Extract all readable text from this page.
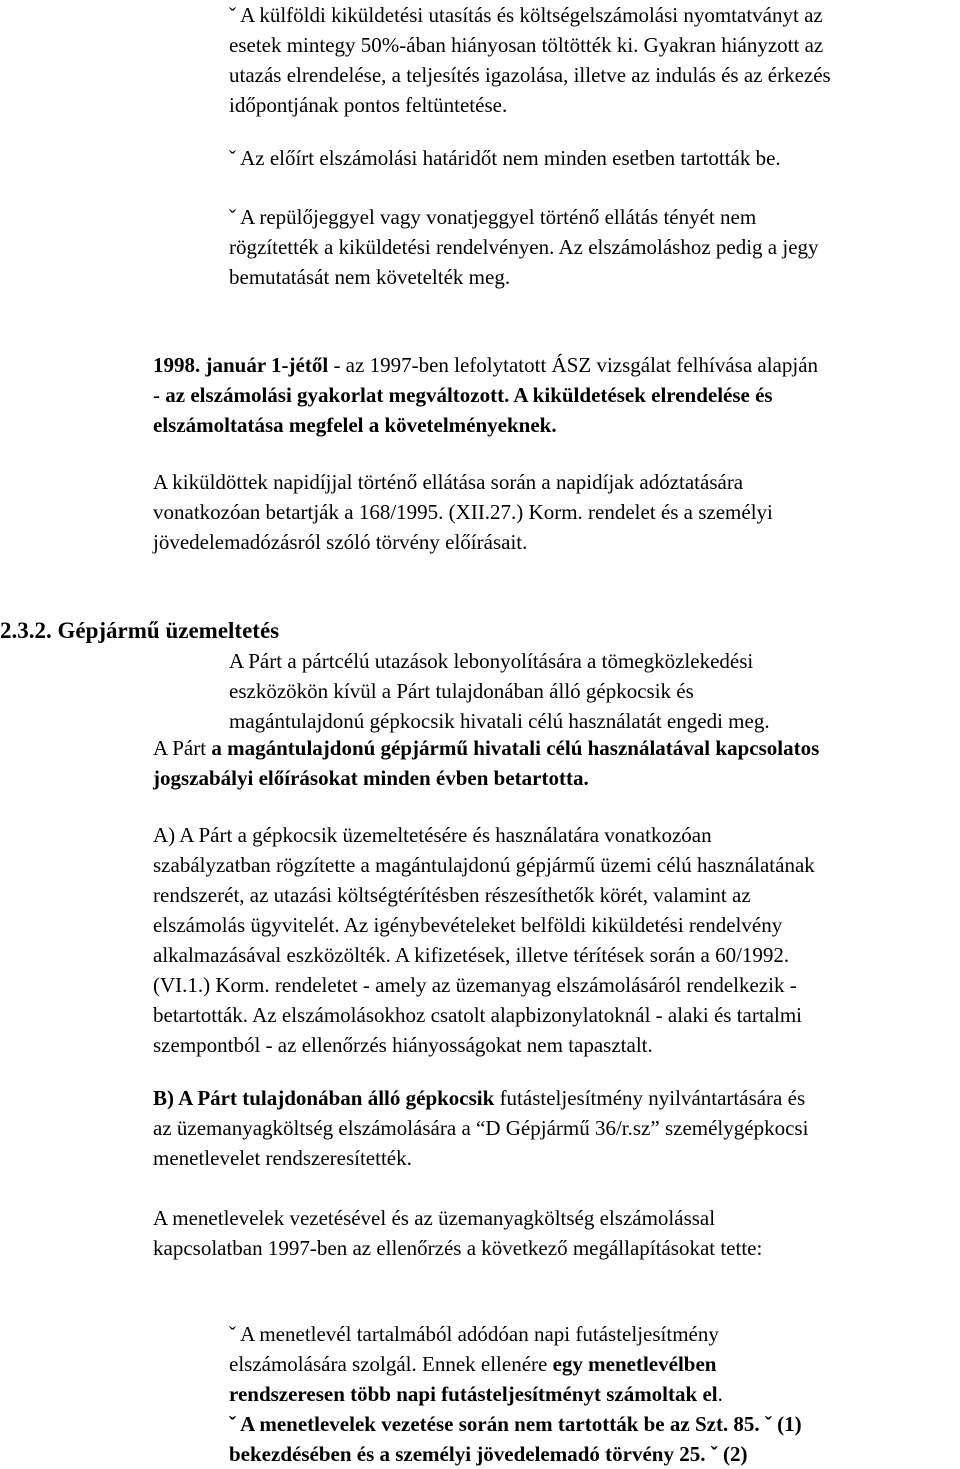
ˇ A külföldi kiküldetési utasítás és költségelszámolási nyomtatványt az
esetek mintegy 50%-ában hiányosan töltötték ki. Gyakran hiányzott az
utazás elrendelése, a teljesítés igazolása, illetve az indulás és az érkezés
időpontjának pontos feltüntetése.
ˇ Az előírt elszámolási határidőt nem minden esetben tartották be.
ˇ A repülőjeggyel vagy vonatjeggyel történő ellátás tényét nem
rögzítették a kiküldetési rendelvényen. Az elszámoláshoz pedig a jegy
bemutatását nem követelték meg.
1998. január 1-jétől - az 1997-ben lefolytatott ÁSZ vizsgálat felhívása alapján
- az elszámolási gyakorlat megváltozott. A kiküldetések elrendelése és
elszámoltatása megfelel a követelményeknek.
A kiküldöttek napidíjjal történő ellátása során a napidíjak adóztatására
vonatkozóan betartják a 168/1995. (XII.27.) Korm. rendelet és a személyi
jövedelemadózásról szóló törvény előírásait.
2.3.2. Gépjármű üzemeltetés
A Párt a pártcélú utazások lebonyolítására a tömegközlekedési
eszközökön kívül a Párt tulajdonában álló gépkocsik és
magántulajdonú gépkocsik hivatali célú használatát engedi meg.
A Párt a magántulajdonú gépjármű hivatali célú használatával kapcsolatos
jogszabályi előírásokat minden évben betartotta.
A) A Párt a gépkocsik üzemeltetésére és használatára vonatkozóan
szabályzatban rögzítette a magántulajdonú gépjármű üzemi célú használatának
rendszerét, az utazási költségtérítésben részesíthetők körét, valamint az
elszámolás ügyvitelét. Az igénybevételeket belföldi kiküldetési rendelvény
alkalmazásával eszközölték. A kifizetések, illetve térítések során a 60/1992.
(VI.1.) Korm. rendeletet - amely az üzemanyag elszámolásáról rendelkezik -
betartották. Az elszámolásokhoz csatolt alapbizonylatoknál - alaki és tartalmi
szempontból - az ellenőrzés hiányosságokat nem tapasztalt.
B) A Párt tulajdonában álló gépkocsik futásteljesítmény nyilvántartására és
az üzemanyagköltség elszámolására a “D Gépjármű 36/r.sz” személygépkocsi
menetlevelet rendszeresítették.
A menetlevelek vezetésével és az üzemanyagköltség elszámolással
kapcsolatban 1997-ben az ellenőrzés a következő megállapításokat tette:
ˇ A menetlevél tartalmából adódóan napi futásteljesítmény
elszámolására szolgál. Ennek ellenére egy menetlevélben
rendszeresen több napi futásteljesítményt számoltak el.
ˇ A menetlevelek vezetése során nem tartották be az Szt. 85. ˇ (1)
bekezdésében és a személyi jövedelemadó törvény 25. ˇ (2)
